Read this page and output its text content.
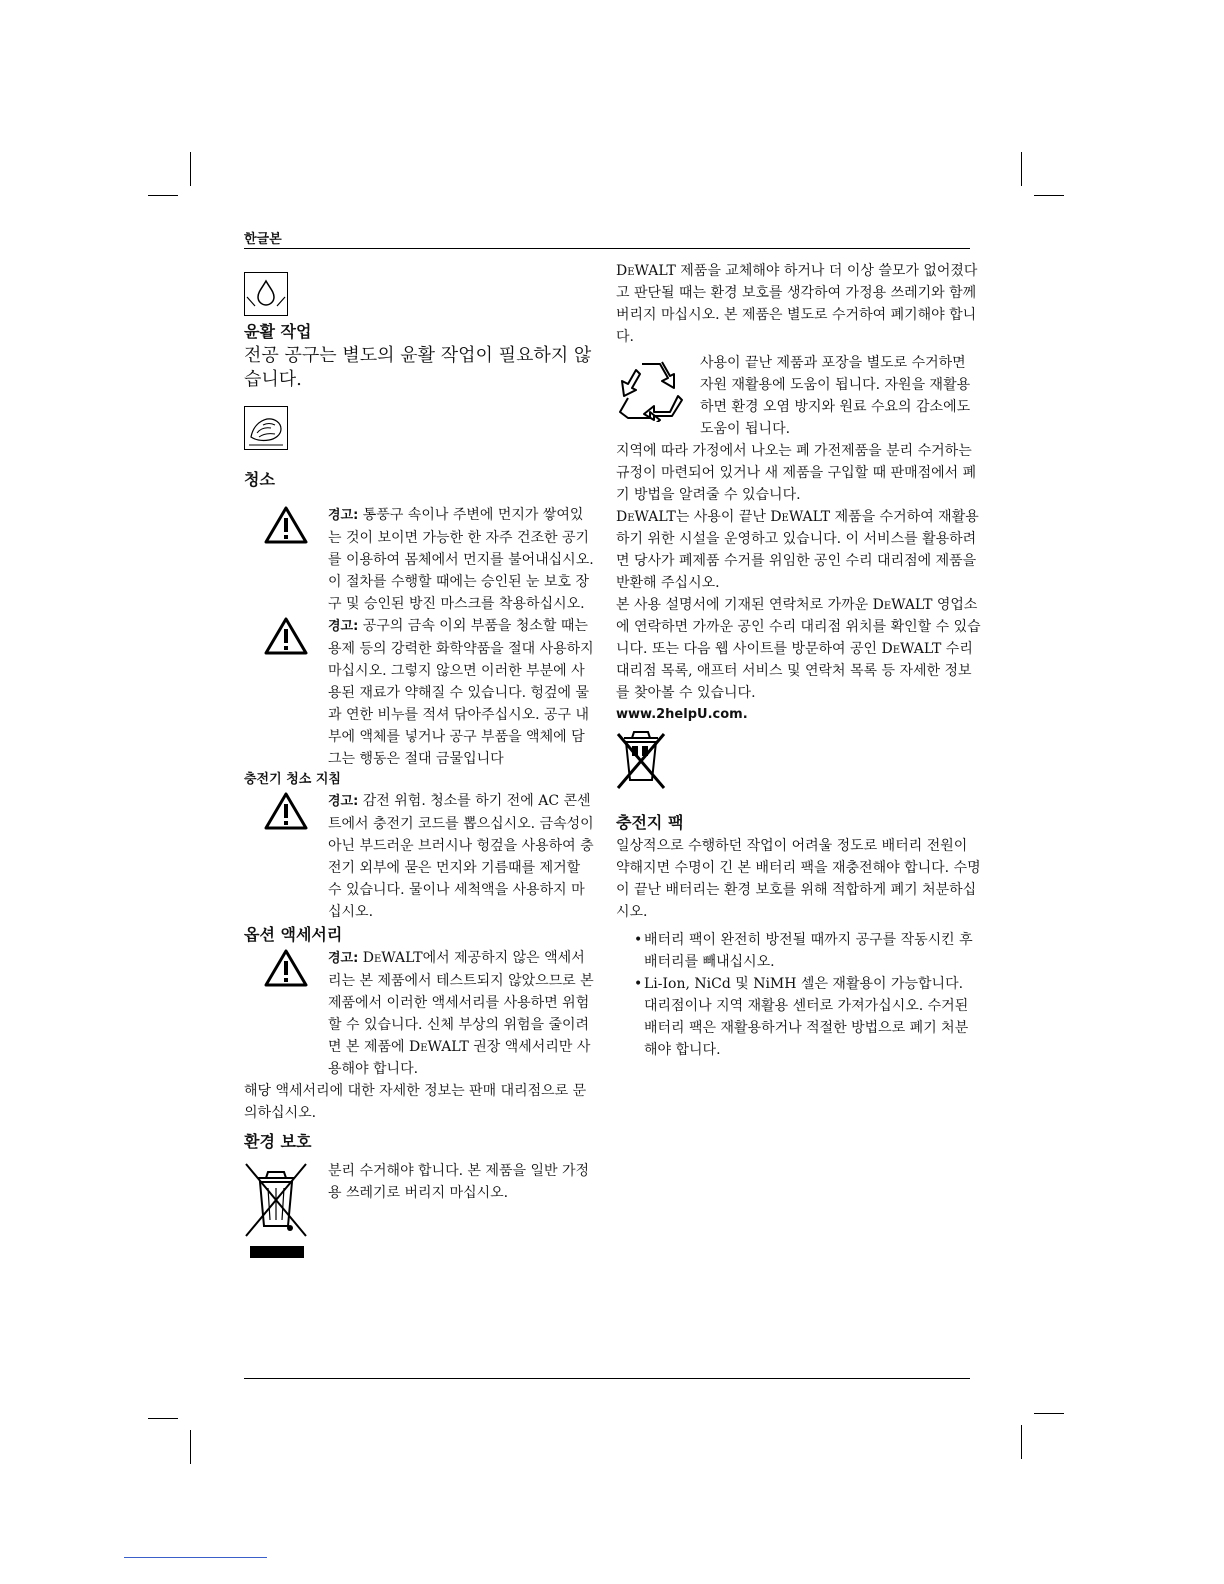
한글본
윤활 작업

전공 공구는 별도의 윤활 작업이 필요하지 않습니다.

청소

경고: 통풍구 속이나 주변에 먼지가 쌓여있는 것이 보이면 가능한 한 자주 건조한 공기를 이용하여 몸체에서 먼지를 불어내십시오. 이 절차를 수행할 때에는 승인된 눈 보호 장구 및 승인된 방진 마스크를 착용하십시오.

경고: 공구의 금속 이외 부품을 청소할 때는 용제 등의 강력한 화학약품을 절대 사용하지 마십시오. 그렇지 않으면 이러한 부분에 사용된 재료가 약해질 수 있습니다. 헝겊에 물과 연한 비누를 적셔 닦아주십시오. 공구 내부에 액체를 넣거나 공구 부품을 액체에 담그는 행동은 절대 금물입니다

충전기 청소 지침

경고: 감전 위험. 청소를 하기 전에 AC 콘센트에서 충전기 코드를 뽑으십시오. 금속성이 아닌 부드러운 브러시나 헝겊을 사용하여 충전기 외부에 묻은 먼지와 기름때를 제거할 수 있습니다. 물이나 세척액을 사용하지 마십시오.

옵션 액세서리

경고: DeWALT에서 제공하지 않은 액세서리는 본 제품에서 테스트되지 않았으므로 본 제품에서 이러한 액세서리를 사용하면 위험할 수 있습니다. 신체 부상의 위험을 줄이려면 본 제품에 DeWALT 권장 액세서리만 사용해야 합니다.

해당 액세서리에 대한 자세한 정보는 판매 대리점으로 문의하십시오.

환경 보호

분리 수거해야 합니다. 본 제품을 일반 가정용 쓰레기로 버리지 마십시오.

DeWALT 제품을 교체해야 하거나 더 이상 쓸모가 없어졌다고 판단될 때는 환경 보호를 생각하여 가정용 쓰레기와 함께 버리지 마십시오. 본 제품은 별도로 수거하여 폐기해야 합니다.

사용이 끝난 제품과 포장을 별도로 수거하면 자원 재활용에 도움이 됩니다. 자원을 재활용하면 환경 오염 방지와 원료 수요의 감소에도 도움이 됩니다.

지역에 따라 가정에서 나오는 폐 가전제품을 분리 수거하는 규정이 마련되어 있거나 새 제품을 구입할 때 판매점에서 폐기 방법을 알려줄 수 있습니다.

DeWALT는 사용이 끝난 DeWALT 제품을 수거하여 재활용하기 위한 시설을 운영하고 있습니다. 이 서비스를 활용하려면 당사가 폐제품 수거를 위임한 공인 수리 대리점에 제품을 반환해 주십시오.

본 사용 설명서에 기재된 연락처로 가까운 DeWALT 영업소에 연락하면 가까운 공인 수리 대리점 위치를 확인할 수 있습니다. 또는 다음 웹 사이트를 방문하여 공인 DeWALT 수리 대리점 목록, 애프터 서비스 및 연락처 목록 등 자세한 정보를 찾아볼 수 있습니다.

www.2helpU.com.

충전지 팩

일상적으로 수행하던 작업이 어려울 정도로 배터리 전원이 약해지면 수명이 긴 본 배터리 팩을 재충전해야 합니다. 수명이 끝난 배터리는 환경 보호를 위해 적합하게 폐기 처분하십시오.

• 배터리 팩이 완전히 방전될 때까지 공구를 작동시킨 후 배터리를 빼내십시오.
• Li-Ion, NiCd 및 NiMH 셀은 재활용이 가능합니다. 대리점이나 지역 재활용 센터로 가져가십시오. 수거된 배터리 팩은 재활용하거나 적절한 방법으로 폐기 처분해야 합니다.
